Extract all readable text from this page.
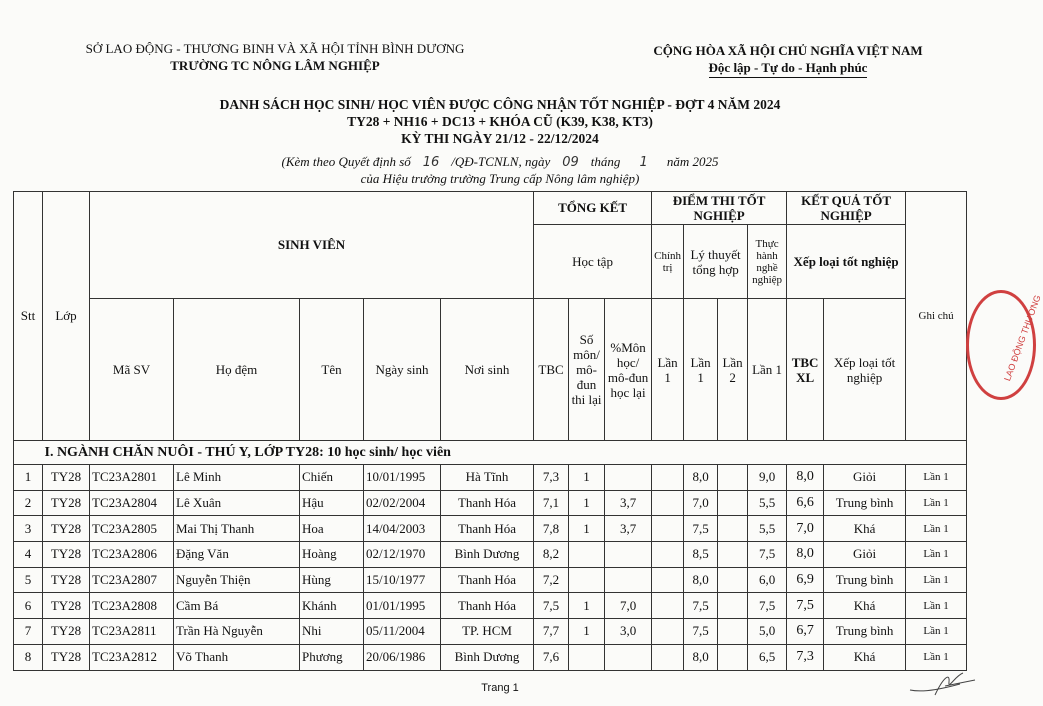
SỞ LAO ĐỘNG - THƯƠNG BINH VÀ XÃ HỘI TỈNH BÌNH DƯƠNG
TRƯỜNG TC NÔNG LÂM NGHIỆP
CỘNG HÒA XÃ HỘI CHỦ NGHĨA VIỆT NAM
Độc lập - Tự do - Hạnh phúc
DANH SÁCH HỌC SINH/ HỌC VIÊN ĐƯỢC CÔNG NHẬN TỐT NGHIỆP - ĐỢT 4 NĂM 2024
TY28 + NH16 + DC13 + KHÓA CŨ (K39, K38, KT3)
KỲ THI NGÀY 21/12 - 22/12/2024
(Kèm theo Quyết định số 16 /QĐ-TCNLN, ngày 09 tháng 1 năm 2025
của Hiệu trưởng trường Trung cấp Nông lâm nghiệp)
Stt	Lớp	SINH VIÊN					TỔNG KẾT			ĐIỂM THI TỐT NGHIỆP				KẾT QUẢ TỐT NGHIỆP		Ghi chú
							Học tập			Chính trị	Lý thuyết tổng hợp		Thực hành nghề nghiệp	Xếp loại tốt nghiệp		
		Mã SV	Họ đệm	Tên	Ngày sinh	Nơi sinh	TBC	Số môn/ mô-đun thi lại	%Môn học/ mô-đun học lại	Lần 1	Lần 1	Lần 2	Lần 1	TBC XL	Xếp loại tốt nghiệp	
	I. NGÀNH CHĂN NUÔI - THÚ Y, LỚP TY28: 10 học sinh/ học viên															
1	TY28	TC23A2801	Lê Minh	Chiến	10/01/1995	Hà Tĩnh	7,3	1			8,0		9,0	8,0	Giỏi	Lần 1
2	TY28	TC23A2804	Lê Xuân	Hậu	02/02/2004	Thanh Hóa	7,1	1	3,7		7,0		5,5	6,6	Trung bình	Lần 1
3	TY28	TC23A2805	Mai Thị Thanh	Hoa	14/04/2003	Thanh Hóa	7,8	1	3,7		7,5		5,5	7,0	Khá	Lần 1
4	TY28	TC23A2806	Đặng Văn	Hoàng	02/12/1970	Bình Dương	8,2				8,5		7,5	8,0	Giỏi	Lần 1
5	TY28	TC23A2807	Nguyễn Thiện	Hùng	15/10/1977	Thanh Hóa	7,2				8,0		6,0	6,9	Trung bình	Lần 1
6	TY28	TC23A2808	Cầm Bá	Khánh	01/01/1995	Thanh Hóa	7,5	1	7,0		7,5		7,5	7,5	Khá	Lần 1
7	TY28	TC23A2811	Trần Hà Nguyễn	Nhi	05/11/2004	TP. HCM	7,7	1	3,0		7,5		5,0	6,7	Trung bình	Lần 1
8	TY28	TC23A2812	Võ Thanh	Phương	20/06/1986	Bình Dương	7,6				8,0		6,5	7,3	Khá	Lần 1
LAO ĐỘNG THƯƠNG
Trang 1
